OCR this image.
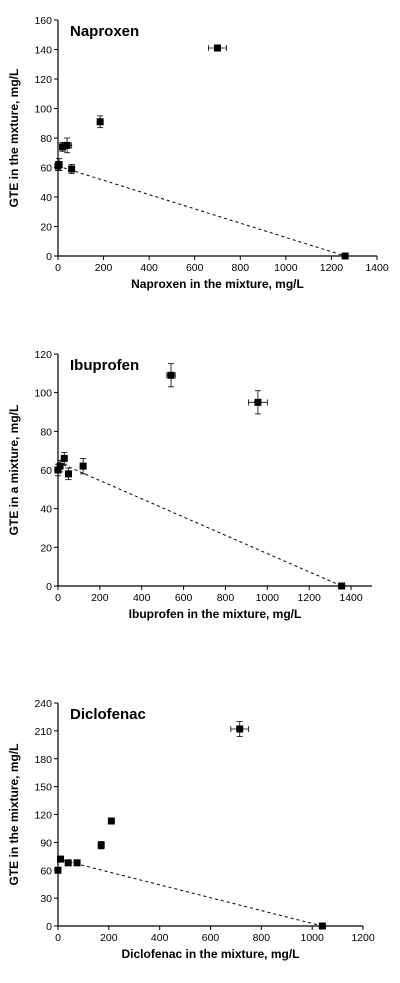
0
20
40
60
80
100
120
140
160
0	200	400	600	800 1000 1200 1400
Naproxen in the mixture, mg/L
GTE in the mxture, mg/L
Naproxen
0
20
40
60
80
100
120
0	200 400 600 800 1000 1200 1400
Ibuprofen in the mixture, mg/L
GTE in a mixture, mg/L
Ibuprofen
0
30
60
90
120
150
180
210
240
0	200	400	600	800	1000	1200
Diclofenac in the mixture, mg/L
GTE in the mixture, mg/L
Diclofenac
